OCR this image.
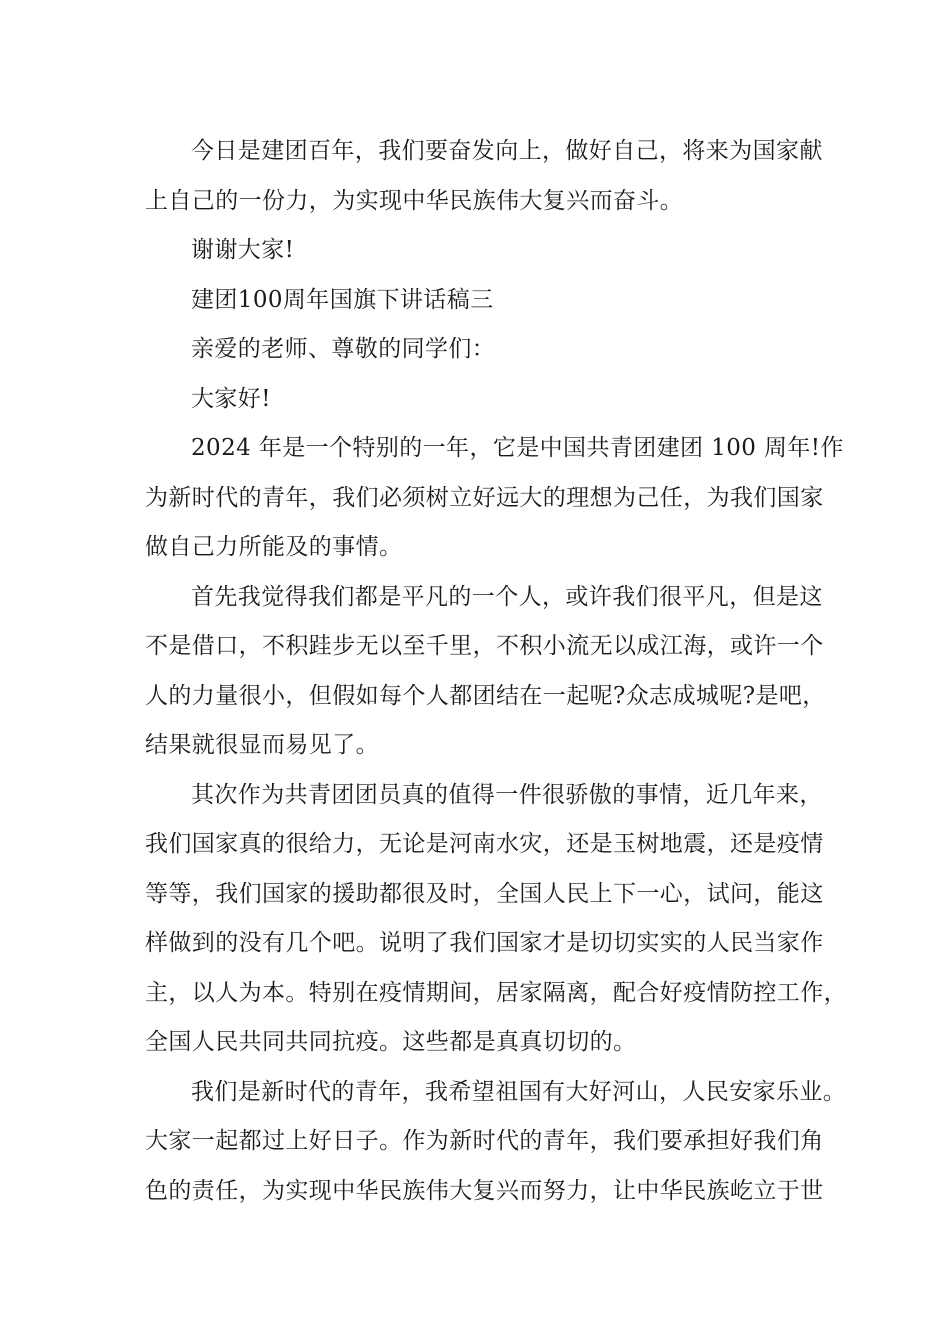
今日是建团百年，我们要奋发向上，做好自己，将来为国家献
上自己的一份力，为实现中华民族伟大复兴而奋斗。
谢谢大家!
建团100周年国旗下讲话稿三
亲爱的老师、尊敬的同学们：
大家好!
2024 年是一个特别的一年，它是中国共青团建团 100 周年!作
为新时代的青年，我们必须树立好远大的理想为己任，为我们国家
做自己力所能及的事情。
首先我觉得我们都是平凡的一个人，或许我们很平凡，但是这
不是借口，不积跬步无以至千里，不积小流无以成江海，或许一个
人的力量很小，但假如每个人都团结在一起呢?众志成城呢?是吧，
结果就很显而易见了。
其次作为共青团团员真的值得一件很骄傲的事情，近几年来，
我们国家真的很给力，无论是河南水灾，还是玉树地震，还是疫情
等等，我们国家的援助都很及时，全国人民上下一心，试问，能这
样做到的没有几个吧。说明了我们国家才是切切实实的人民当家作
主，以人为本。特别在疫情期间，居家隔离，配合好疫情防控工作，
全国人民共同共同抗疫。这些都是真真切切的。
我们是新时代的青年，我希望祖国有大好河山，人民安家乐业。
大家一起都过上好日子。作为新时代的青年，我们要承担好我们角
色的责任，为实现中华民族伟大复兴而努力，让中华民族屹立于世
